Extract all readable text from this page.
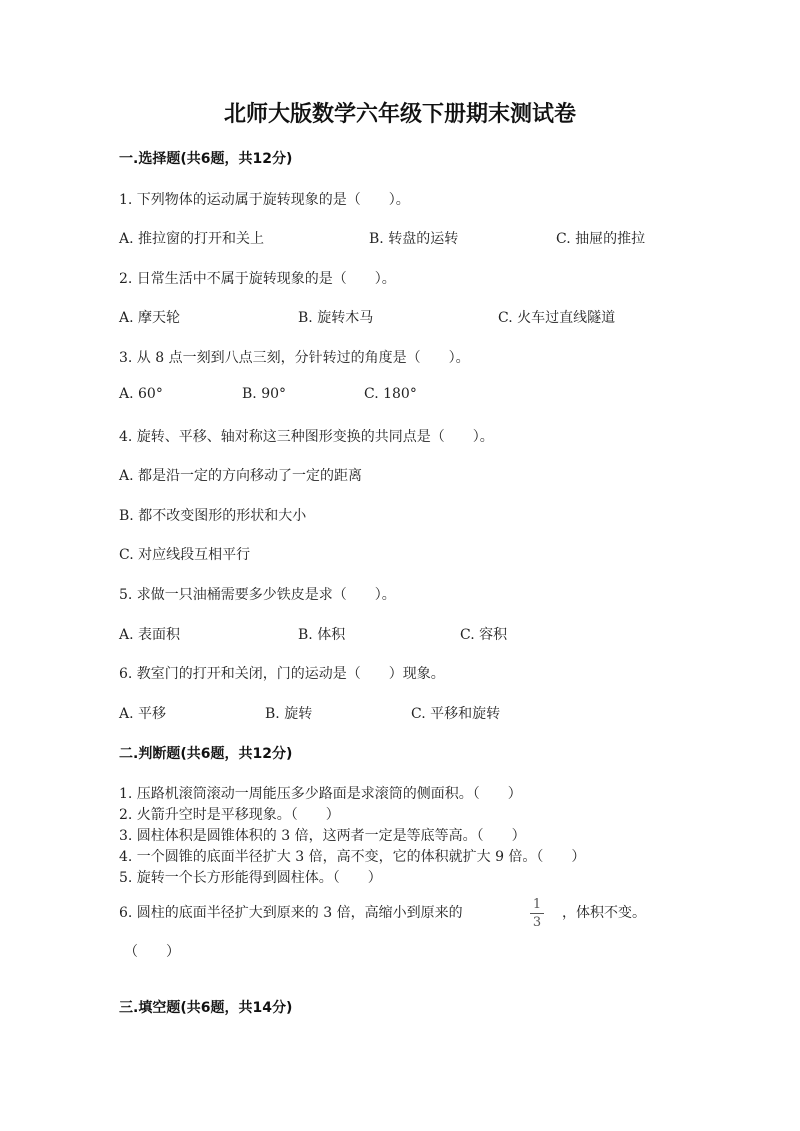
北师大版数学六年级下册期末测试卷
一.选择题(共6题，共12分)
1. 下列物体的运动属于旋转现象的是（　　）。
A. 推拉窗的打开和关上	B. 转盘的运转	C. 抽屉的推拉
2. 日常生活中不属于旋转现象的是（　　）。
A. 摩天轮	B. 旋转木马	C. 火车过直线隧道
3. 从 8 点一刻到八点三刻，分针转过的角度是（　　）。
A. 60°	B. 90°	C. 180°
4. 旋转、平移、轴对称这三种图形变换的共同点是（　　）。
A. 都是沿一定的方向移动了一定的距离
B. 都不改变图形的形状和大小
C. 对应线段互相平行
5. 求做一只油桶需要多少铁皮是求（　　）。
A. 表面积	B. 体积	C. 容积
6. 教室门的打开和关闭，门的运动是（　　）现象。
A. 平移	B. 旋转	C. 平移和旋转
二.判断题(共6题，共12分)
1. 压路机滚筒滚动一周能压多少路面是求滚筒的侧面积。（　　）
2. 火箭升空时是平移现象。（　　）
3. 圆柱体积是圆锥体积的 3 倍，这两者一定是等底等高。（　　）
4. 一个圆锥的底面半径扩大 3 倍，高不变，它的体积就扩大 9 倍。（　　）
5. 旋转一个长方形能得到圆柱体。（　　）
6. 圆柱的底面半径扩大到原来的 3 倍，高缩小到原来的
1
3
，体积不变。
（　　）
三.填空题(共6题，共14分)
